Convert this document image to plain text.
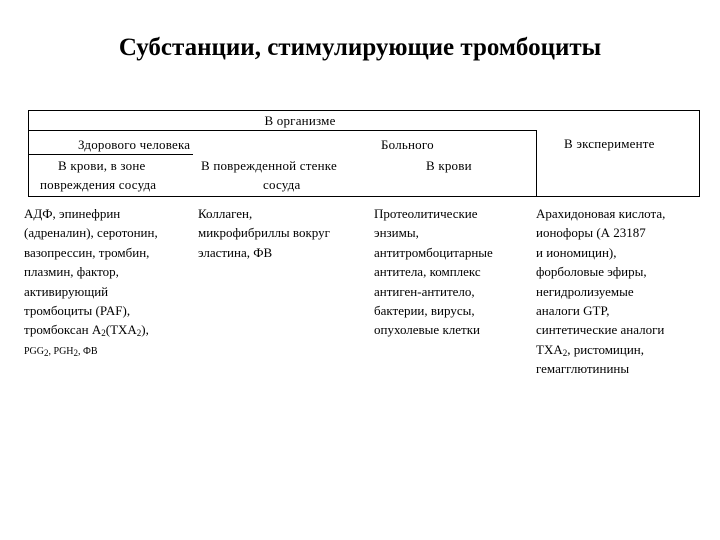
Субстанции, стимулирующие тромбоциты
В организме
Здорового человека	Больного	В эксперименте
В крови, в зоне
повреждения сосуда
В поврежденной стенке
сосуда
В крови
АДФ, эпинефрин
(адреналин), серотонин,
вазопрессин, тромбин,
плазмин, фактор,
активирующий
тромбоциты (PAF),
тромбоксан $А_2(TXA_2)$,
$PGG_2$, $PGH_2$, ФВ
Коллаген,
микрофибриллы вокруг
эластина, ФВ
Протеолитические
энзимы,
антитромбоцитарные
антитела, комплекс
антиген-антитело,
бактерии, вирусы,
опухолевые клетки
Арахидоновая кислота,
ионофоры (А 23187
и иономицин),
форболовые эфиры,
негидролизуемые
аналоги GTP,
синтетические аналоги
$TXA_2$, ристомицин,
гемагглютинины
